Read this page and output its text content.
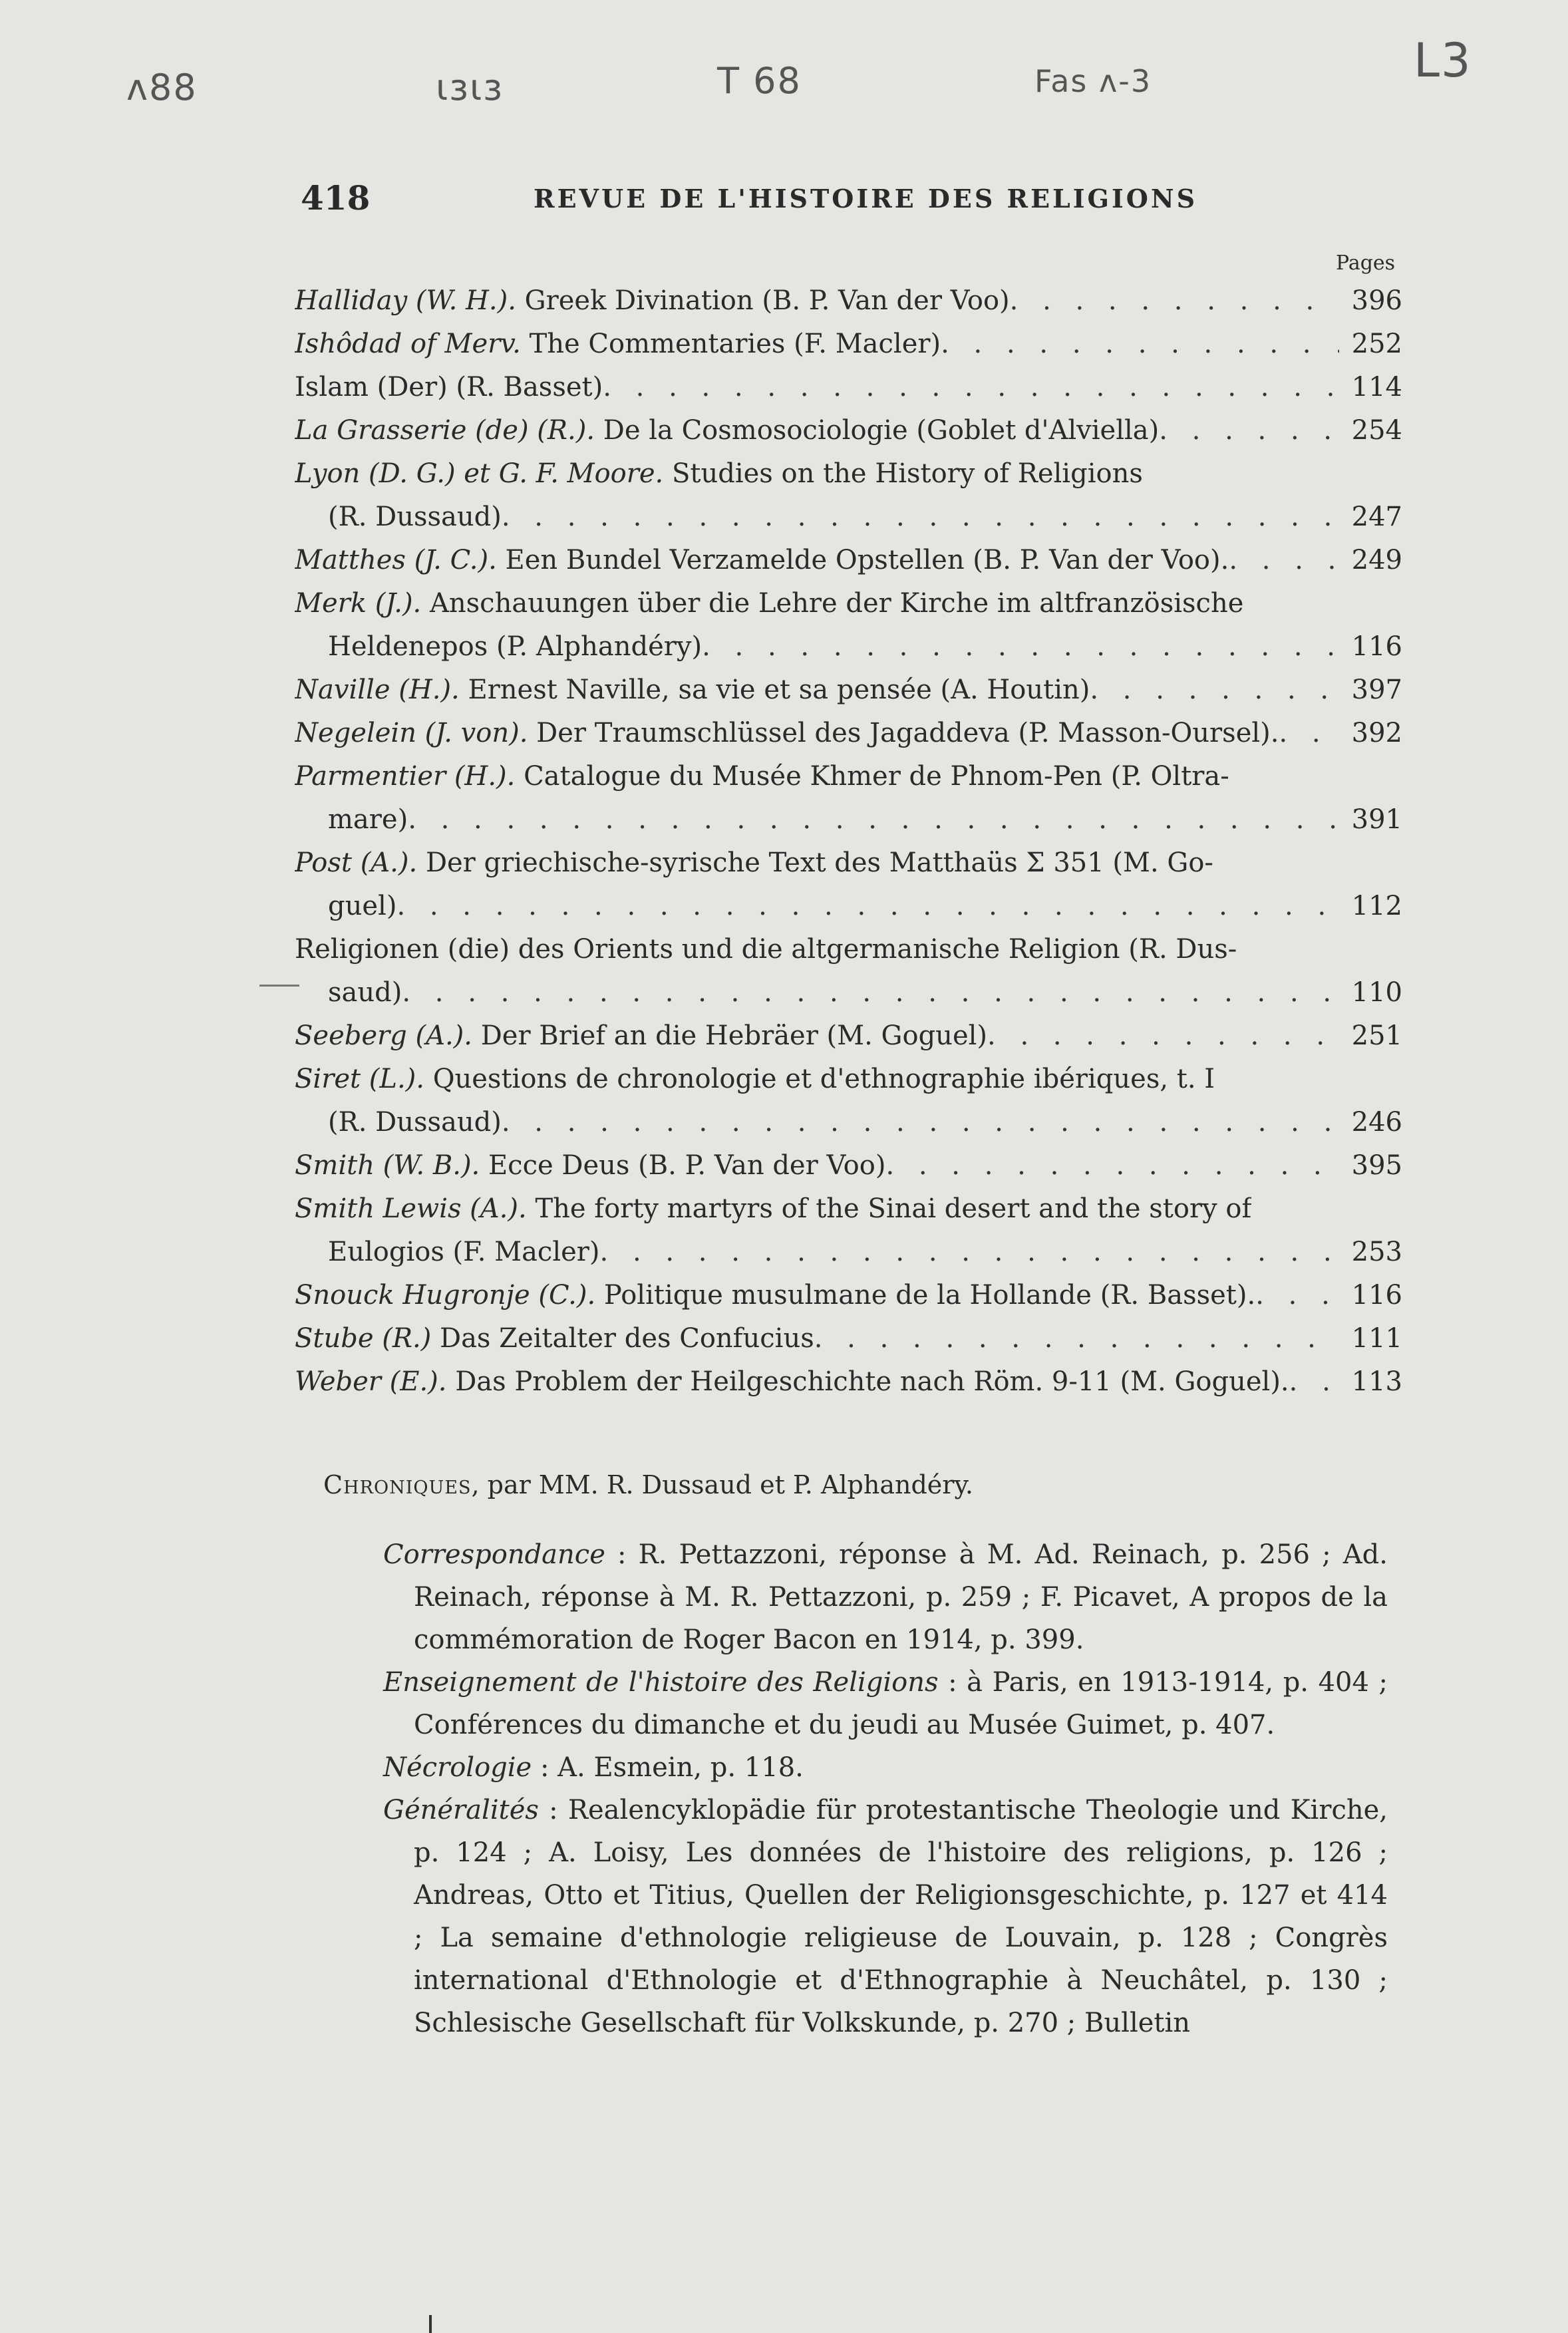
ʌ88	ɩɜɩɜ	T 68	Fas ʌ-3	L3
418	REVUE DE L'HISTOIRE DES RELIGIONS
Pages
Halliday (W. H.). Greek Divination (B. P. Van der Voo) . . .	396
Ishôdad of Merv. The Commentaries (F. Macler) . . .	252
Islam (Der) (R. Basset) . . .	114
La Grasserie (de) (R.). De la Cosmosociologie (Goblet d'Alviella) . . .	254
Lyon (D. G.) et G. F. Moore. Studies on the History of Religions
(R. Dussaud) . . .	247
Matthes (J. C.). Een Bundel Verzamelde Opstellen (B. P. Van der Voo). . . .	249
Merk (J.). Anschauungen über die Lehre der Kirche im altfranzösische
Heldenepos (P. Alphandéry) . . .	116
Naville (H.). Ernest Naville, sa vie et sa pensée (A. Houtin) . . .	397
Negelein (J. von). Der Traumschlüssel des Jagaddeva (P. Masson-Oursel). . . .	392
Parmentier (H.). Catalogue du Musée Khmer de Phnom-Pen (P. Oltra-
mare) . . .	391
Post (A.). Der griechische-syrische Text des Matthaüs Σ 351 (M. Go-
guel) . . .	112
Religionen (die) des Orients und die altgermanische Religion (R. Dus-
saud) . . .	110
Seeberg (A.). Der Brief an die Hebräer (M. Goguel) . . .	251
Siret (L.). Questions de chronologie et d'ethnographie ibériques, t. I
(R. Dussaud) . . .	246
Smith (W. B.). Ecce Deus (B. P. Van der Voo) . . .	395
Smith Lewis (A.). The forty martyrs of the Sinai desert and the story of
Eulogios (F. Macler) . . .	253
Snouck Hugronje (C.). Politique musulmane de la Hollande (R. Basset). . . .	116
Stube (R.) Das Zeitalter des Confucius . . .	111
Weber (E.). Das Problem der Heilgeschichte nach Röm. 9-11 (M. Goguel). . . .	113
Chroniques, par MM. R. Dussaud et P. Alphandéry.
Correspondance : R. Pettazzoni, réponse à M. Ad. Reinach, p. 256 ; Ad. Reinach, réponse à M. R. Pettazzoni, p. 259 ; F. Picavet, A propos de la commémoration de Roger Bacon en 1914, p. 399.
Enseignement de l'histoire des Religions : à Paris, en 1913-1914, p. 404 ; Conférences du dimanche et du jeudi au Musée Guimet, p. 407.
Nécrologie : A. Esmein, p. 118.
Généralités : Realencyklopädie für protestantische Theologie und Kirche, p. 124 ; A. Loisy, Les données de l'histoire des religions, p. 126 ; Andreas, Otto et Titius, Quellen der Religionsgeschichte, p. 127 et 414 ; La semaine d'ethnologie religieuse de Louvain, p. 128 ; Congrès international d'Ethnologie et d'Ethnographie à Neuchâtel, p. 130 ; Schlesische Gesellschaft für Volkskunde, p. 270 ; Bulletin
